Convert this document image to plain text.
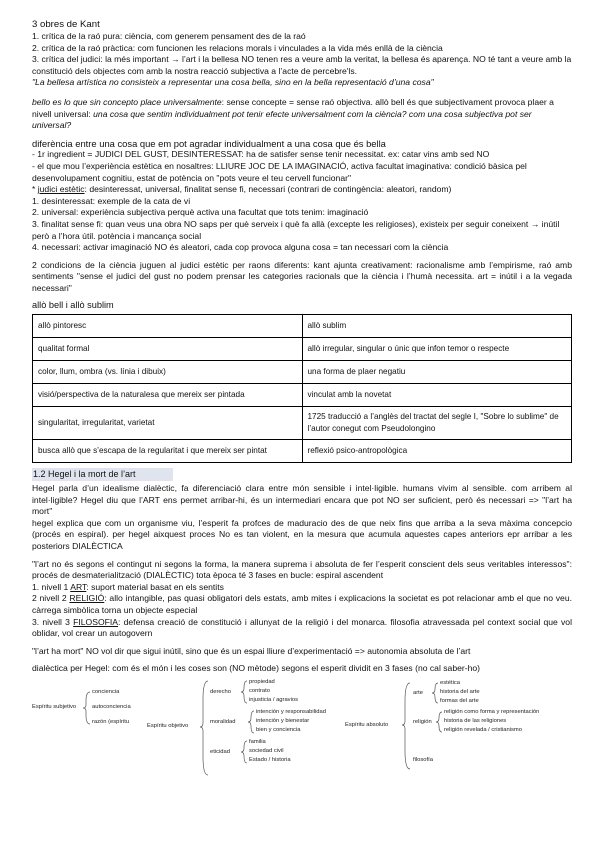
3 obres de Kant

1. crítica de la raó pura: ciència, com generem pensament des de la raó

2. crítica de la raó pràctica: com funcionen les relacions morals i vinculades a la vida més enllà de la ciència

3. crítica del judici: la més important → l’art i la bellesa NO tenen res a veure amb la veritat, la bellesa és aparença. NO té tant a veure amb la constitució dels objectes com amb la nostra reacció subjectiva a l’acte de percebre'ls.

"La bellesa artística no consisteix a representar una cosa bella, sino en la bella representació d’una cosa"

bello es lo que sin concepto place universalmente: sense concepte = sense raó objectiva. allò bell és que subjectivament provoca plaer a nivell universal: una cosa que sentim individualment pot tenir efecte universalment com la ciència? com una cosa subjectiva pot ser universal?

diferència entre una cosa que em pot agradar individualment a una cosa que és bella

- 1r ingredient = JUDICI DEL GUST, DESINTERESSAT: ha de satisfer sense tenir necessitat. ex: catar vins amb sed NO

- el que mou l’experiència estètica en nosaltres: LLIURE JOC DE LA IMAGINACIÓ, activa facultat imaginativa: condició bàsica pel desenvolupament cognitiu, estat de potència on "pots veure el teu cervell funcionar"

* judici estètic: desinteressat, universal, finalitat sense fi, necessari (contrari de contingència: aleatori, random)

1. desinteressat: exemple de la cata de vi

2. universal: experiència subjectiva perquè activa una facultat que tots tenim: imaginació

3. finalitat sense fi: quan veus una obra NO saps per què serveix i què fa allà (excepte les religioses), existeix per seguir coneixent → inútil però a l’hora útil. potència i mancança social

4. necessari: activar imaginació NO és aleatori, cada cop provoca alguna cosa = tan necessari com la ciència

2 condicions de la ciència juguen al judici estètic per raons diferents: kant ajunta creativament: racionalisme amb l’empirisme, raó amb sentiments "sense el judici del gust no podem prensar les categories racionals que la ciència i l’humà necessita. art = inútil i a la vegada necessari"

allò bell i allò sublim

allò pintoresc	allò sublim
qualitat formal	allò irregular, singular o únic que infon temor o respecte
color, llum, ombra (vs. línia i dibuix)	una forma de plaer negatiu
visió/perspectiva de la naturalesa que mereix ser pintada	vinculat amb la novetat
singularitat, irregularitat, varietat	1725 traducció a l’anglès del tractat del segle I, "Sobre lo sublime" de l’autor conegut com Pseudolongino
busca allò que s’escapa de la regularitat i que mereix ser pintat	reflexió psico-antropològica
1.2 Hegel i la mort de l’art

Hegel parla d’un idealisme dialèctic, fa diferenciació clara entre món sensible i intel·ligible. humans vivim al sensible. com arribem al intel·ligible? Hegel diu que l’ART ens permet arribar-hi, és un intermediari encara que pot NO ser suficient, però és necessari => "l’art ha mort"

hegel explica que com un organisme viu, l’esperit fa profces de maduracio des de que neix fins que arriba a la seva màxima concepcio (procés en espiral). per hegel aixquest proces No es tan violent, en la mesura que acumula aquestes capes anteriors epr arribar a les posteriors DIALÈCTICA

"l’art no és segons el contingut ni segons la forma, la manera suprema i absoluta de fer l’esperit conscient dels seus veritables interessos": procés de desmaterialització (DIALÈCTIC) tota època té 3 fases en bucle: espiral ascendent

1. nivell 1 ART: suport material basat en els sentits

2 nivell 2 RELIGIÓ: allo intangible, pas quasi obligatori dels estats, amb mites i explicacions la societat es pot relacionar amb el que no veu. càrrega simbòlica torna un objecte especial

3. nivell 3 FILOSOFIA: defensa creació de constitució i allunyat de la religió i del monarca. filosofia atravessada pel context social que vol oblidar, vol crear un autogovern

"l’art ha mort" NO vol dir que sigui inútil, sino que és un espai lliure d’experimentació => autonomia absoluta de l’art

dialèctica per Hegel: com és el món i les coses son (NO mètode) segons el esperit dividit en 3 fases (no cal saber-ho)

Espíritu subjetivo
conciencia
autoconciencia
razón (espíritu
Espíritu objetivo
derecho
propiedad
contrato
injusticia / agravios
moralidad
intención y responsabilidad
intención y bienestar
bien y conciencia
eticidad
familia
sociedad civil
Estado / historia
Espíritu absoluto
arte
estética
historia del arte
formas del arte
religión
religión como forma y representación
historia de las religiones
religión revelada / cristianismo
filosofía
